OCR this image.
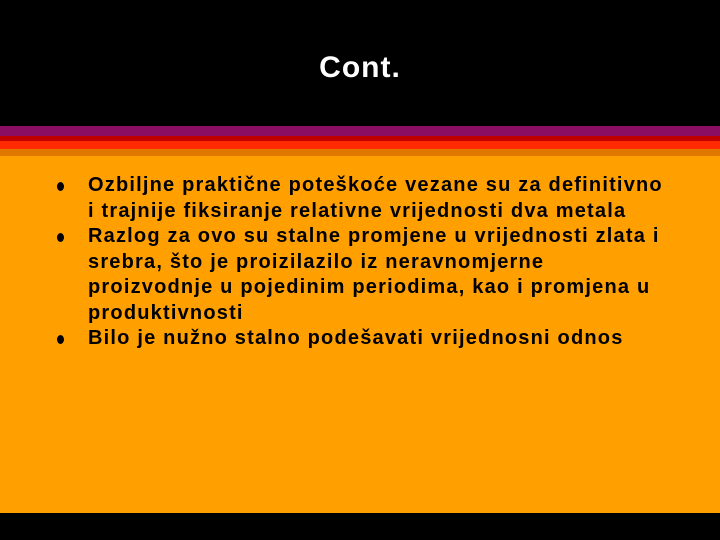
Cont.
Ozbiljne praktične poteškoće vezane su za definitivno i trajnije fiksiranje relativne vrijednosti dva metala
Razlog za ovo su stalne promjene u vrijednosti zlata i srebra, što je proizilazilo iz neravnomjerne proizvodnje u pojedinim periodima, kao i promjena u produktivnosti
Bilo je nužno stalno podešavati vrijednosni odnos
